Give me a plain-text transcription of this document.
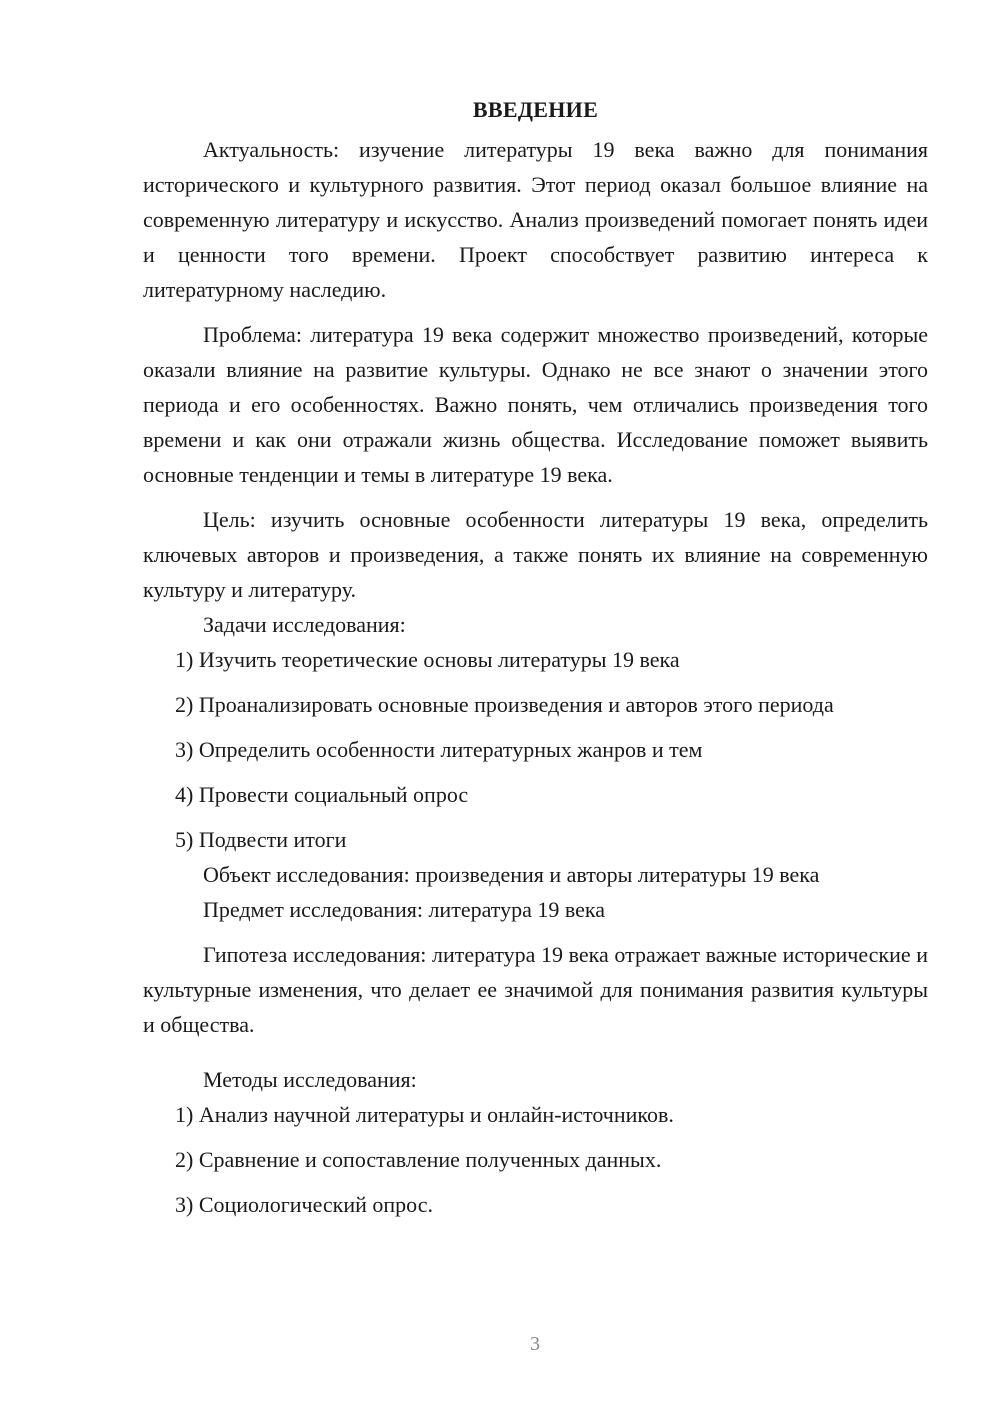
ВВЕДЕНИЕ

Актуальность: изучение литературы 19 века важно для понимания исторического и культурного развития. Этот период оказал большое влияние на современную литературу и искусство. Анализ произведений помогает понять идеи и ценности того времени. Проект способствует развитию интереса к литературному наследию.

Проблема: литература 19 века содержит множество произведений, которые оказали влияние на развитие культуры. Однако не все знают о значении этого периода и его особенностях. Важно понять, чем отличались произведения того времени и как они отражали жизнь общества. Исследование поможет выявить основные тенденции и темы в литературе 19 века.

Цель: изучить основные особенности литературы 19 века, определить ключевых авторов и произведения, а также понять их влияние на современную культуру и литературу.

Задачи исследования:

1) Изучить теоретические основы литературы 19 века
2) Проанализировать основные произведения и авторов этого периода
3) Определить особенности литературных жанров и тем
4) Провести социальный опрос
5) Подвести итоги

Объект исследования: произведения и авторы литературы 19 века

Предмет исследования: литература 19 века

Гипотеза исследования: литература 19 века отражает важные исторические и культурные изменения, что делает ее значимой для понимания развития культуры и общества.

Методы исследования:

1) Анализ научной литературы и онлайн-источников.
2) Сравнение и сопоставление полученных данных.
3) Социологический опрос.
3
